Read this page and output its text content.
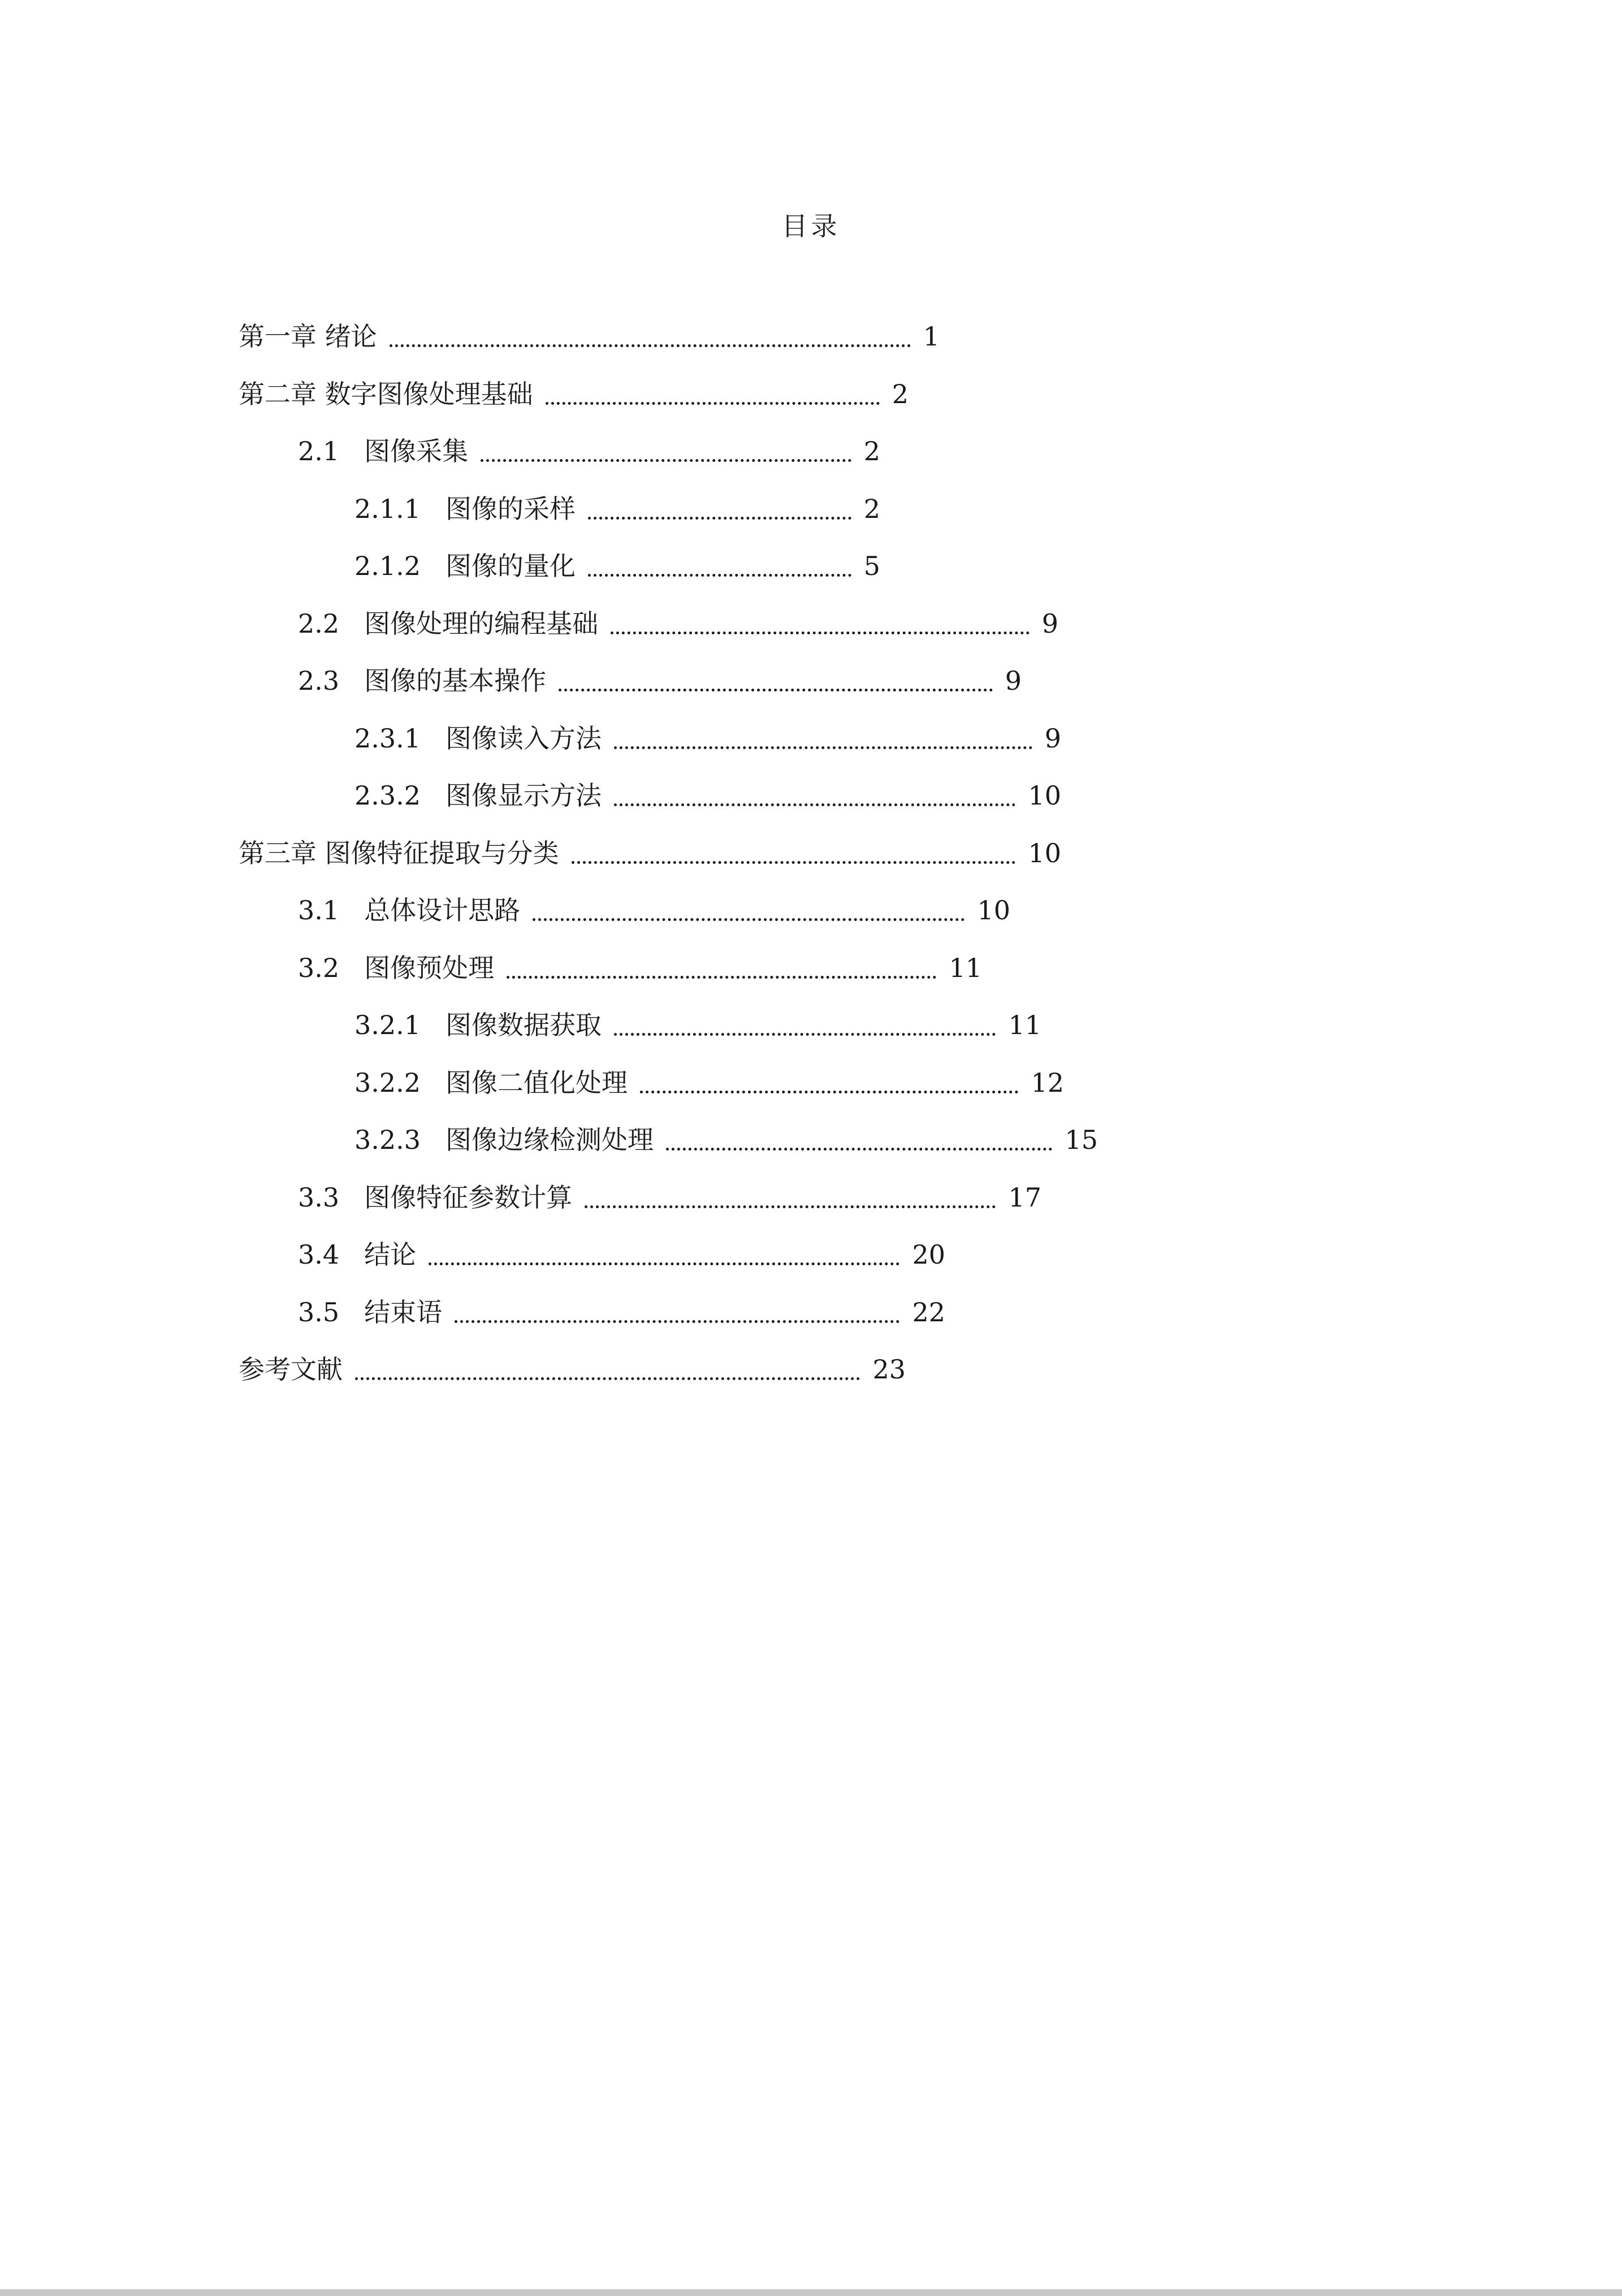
目录
第一章 绪论	1
第二章 数字图像处理基础	2
2.1 图像采集	2
2.1.1 图像的采样	2
2.1.2 图像的量化	5
2.2 图像处理的编程基础	9
2.3 图像的基本操作	9
2.3.1 图像读入方法	9
2.3.2 图像显示方法	10
第三章 图像特征提取与分类	10
3.1 总体设计思路	10
3.2 图像预处理	11
3.2.1 图像数据获取	11
3.2.2 图像二值化处理	12
3.2.3 图像边缘检测处理	15
3.3 图像特征参数计算	17
3.4 结论	20
3.5 结束语	22
参考文献	23
